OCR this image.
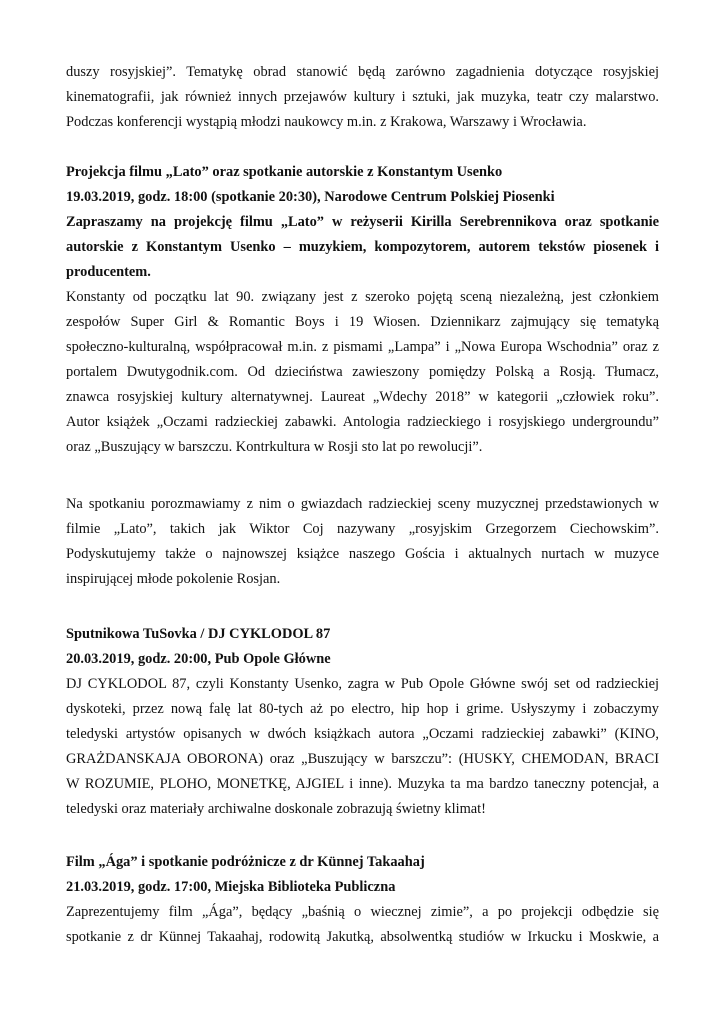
duszy rosyjskiej”. Tematykę obrad stanowić będą zarówno zagadnienia dotyczące rosyjskiej
kinematografii, jak również innych przejawów kultury i sztuki, jak muzyka, teatr czy malarstwo.
Podczas konferencji wystąpią młodzi naukowcy m.in. z Krakowa, Warszawy i Wrocławia.
Projekcja filmu „Lato” oraz spotkanie autorskie z Konstantym Usenko
19.03.2019, godz. 18:00 (spotkanie 20:30), Narodowe Centrum Polskiej Piosenki
Zapraszamy na projekcję filmu „Lato” w reżyserii Kirilla Serebrennikova oraz spotkanie
autorskie z Konstantym Usenko – muzykiem, kompozytorem, autorem tekstów piosenek i
producentem.
Konstanty od początku lat 90. związany jest z szeroko pojętą sceną niezależną, jest członkiem
zespołów Super Girl & Romantic Boys i 19 Wiosen. Dziennikarz zajmujący się tematyką
społeczno-kulturalną, współpracował m.in. z pismami „Lampa” i „Nowa Europa Wschodnia” oraz z
portalem Dwutygodnik.com. Od dzieciństwa zawieszony pomiędzy Polską a Rosją. Tłumacz,
znawca rosyjskiej kultury alternatywnej. Laureat „Wdechy 2018” w kategorii „człowiek roku”.
Autor książek „Oczami radzieckiej zabawki. Antologia radzieckiego i rosyjskiego undergroundu”
oraz „Buszujący w barszczu. Kontrkultura w Rosji sto lat po rewolucji”.
Na spotkaniu porozmawiamy z nim o gwiazdach radzieckiej sceny muzycznej przedstawionych w
filmie „Lato”, takich jak Wiktor Coj nazywany „rosyjskim Grzegorzem Ciechowskim”.
Podyskutujemy także o najnowszej książce naszego Gościa i aktualnych nurtach w muzyce
inspirującej młode pokolenie Rosjan.
Sputnikowa TuSovka / DJ CYKLODOL 87
20.03.2019, godz. 20:00, Pub Opole Główne
DJ CYKLODOL 87, czyli Konstanty Usenko, zagra w Pub Opole Główne swój set od radzieckiej
dyskoteki, przez nową falę lat 80-tych aż po electro, hip hop i grime. Usłyszymy i zobaczymy
teledyski artystów opisanych w dwóch książkach autora „Oczami radzieckiej zabawki” (KINO,
GRAŻDANSKAJA OBORONA) oraz „Buszujący w barszczu”: (HUSKY, CHEMODAN, BRACI
W ROZUMIE, PLOHO, MONETKĘ, AJGIEL i inne). Muzyka ta ma bardzo taneczny potencjał, a
teledyski oraz materiały archiwalne doskonale zobrazują świetny klimat!
Film „Ága” i spotkanie podróżnicze z dr Künnej Takaahaj
21.03.2019, godz. 17:00, Miejska Biblioteka Publiczna
Zaprezentujemy film „Ága”, będący „baśnią o wiecznej zimie”, a po projekcji odbędzie się
spotkanie z dr Künnej Takaahaj, rodowitą Jakutką, absolwentką studiów w Irkucku i Moskwie, a
